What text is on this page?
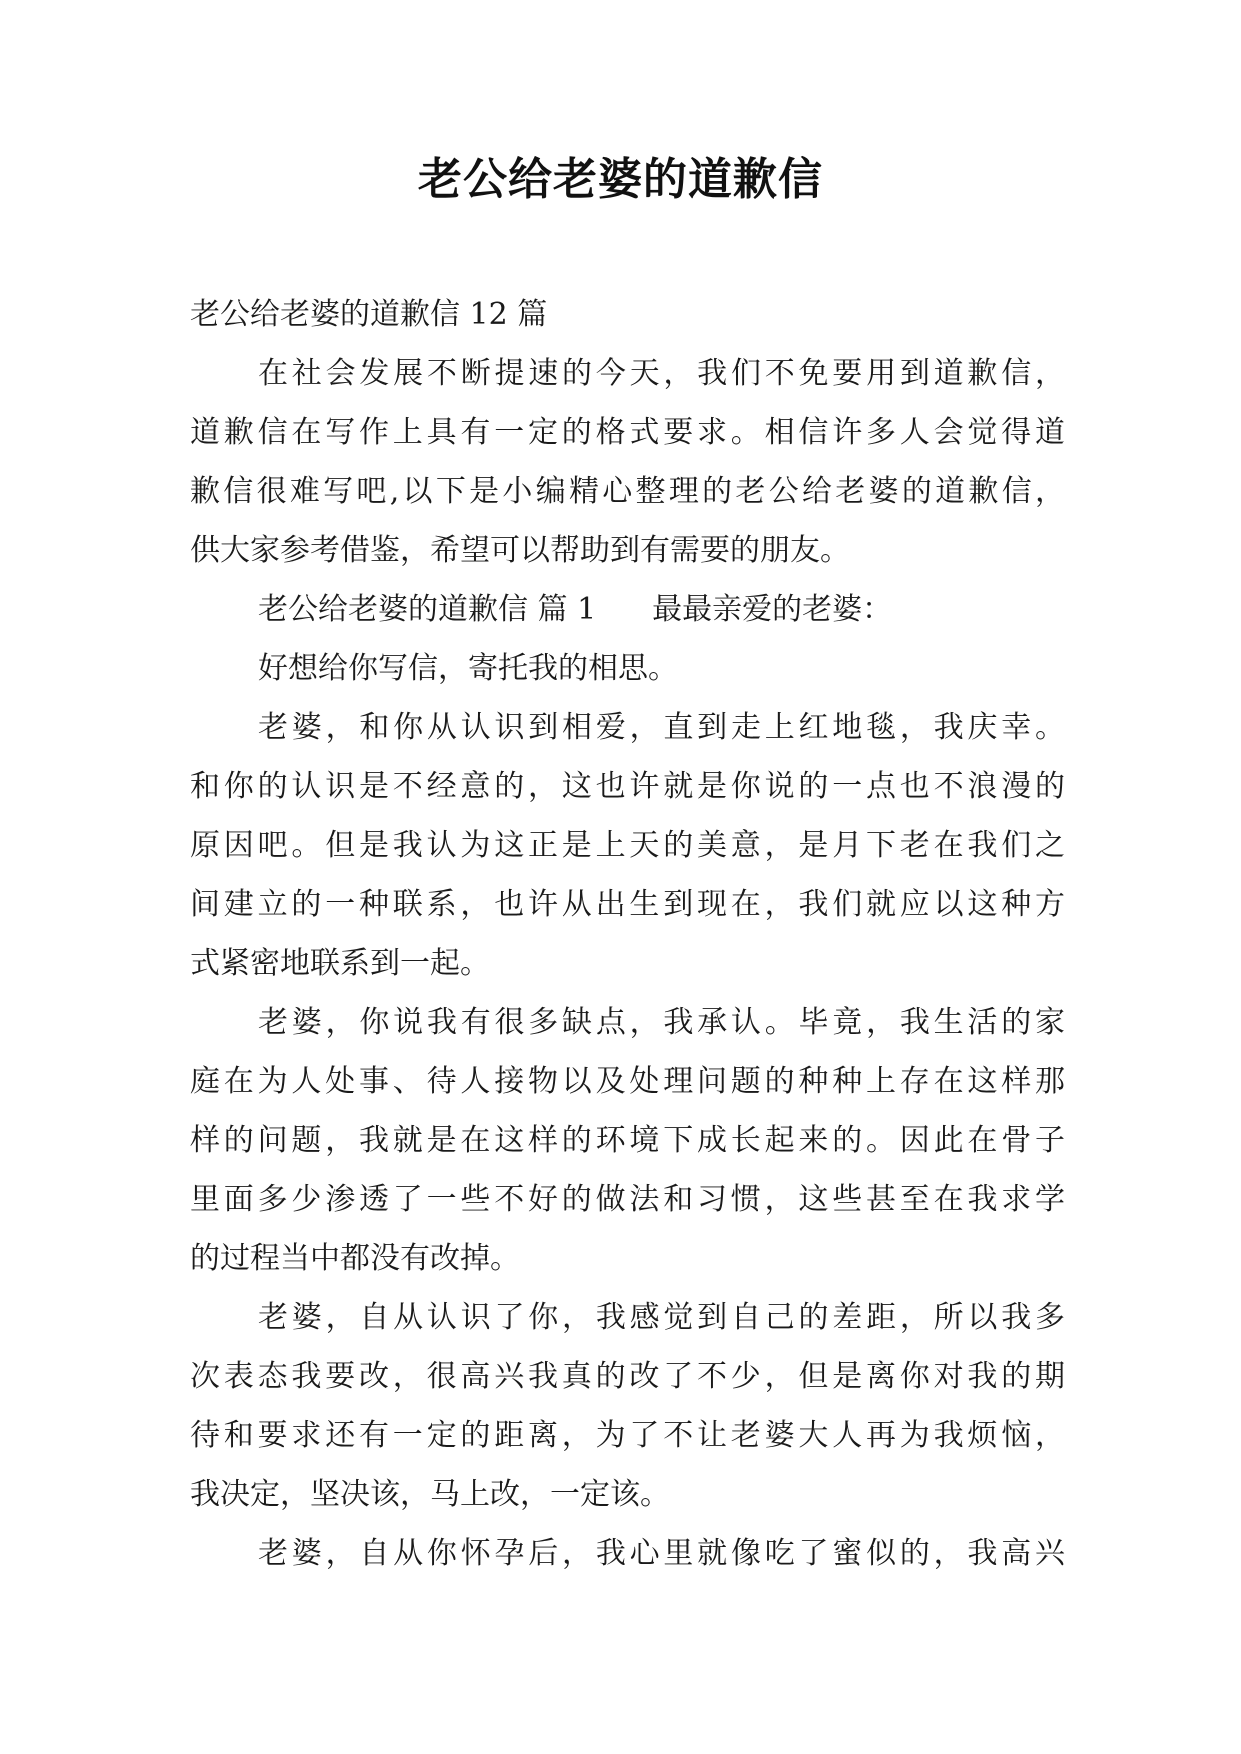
老公给老婆的道歉信
老公给老婆的道歉信 12 篇
在社会发展不断提速的今天，我们不免要用到道歉信，
道歉信在写作上具有一定的格式要求。相信许多人会觉得道
歉信很难写吧,以下是小编精心整理的老公给老婆的道歉信，
供大家参考借鉴，希望可以帮助到有需要的朋友。
老公给老婆的道歉信 篇 1 最最亲爱的老婆：
好想给你写信，寄托我的相思。
老婆，和你从认识到相爱，直到走上红地毯，我庆幸。
和你的认识是不经意的，这也许就是你说的一点也不浪漫的
原因吧。但是我认为这正是上天的美意，是月下老在我们之
间建立的一种联系，也许从出生到现在，我们就应以这种方
式紧密地联系到一起。
老婆，你说我有很多缺点，我承认。毕竟，我生活的家
庭在为人处事、待人接物以及处理问题的种种上存在这样那
样的问题，我就是在这样的环境下成长起来的。因此在骨子
里面多少渗透了一些不好的做法和习惯，这些甚至在我求学
的过程当中都没有改掉。
老婆，自从认识了你，我感觉到自己的差距，所以我多
次表态我要改，很高兴我真的改了不少，但是离你对我的期
待和要求还有一定的距离，为了不让老婆大人再为我烦恼，
我决定，坚决该，马上改，一定该。
老婆，自从你怀孕后，我心里就像吃了蜜似的，我高兴
